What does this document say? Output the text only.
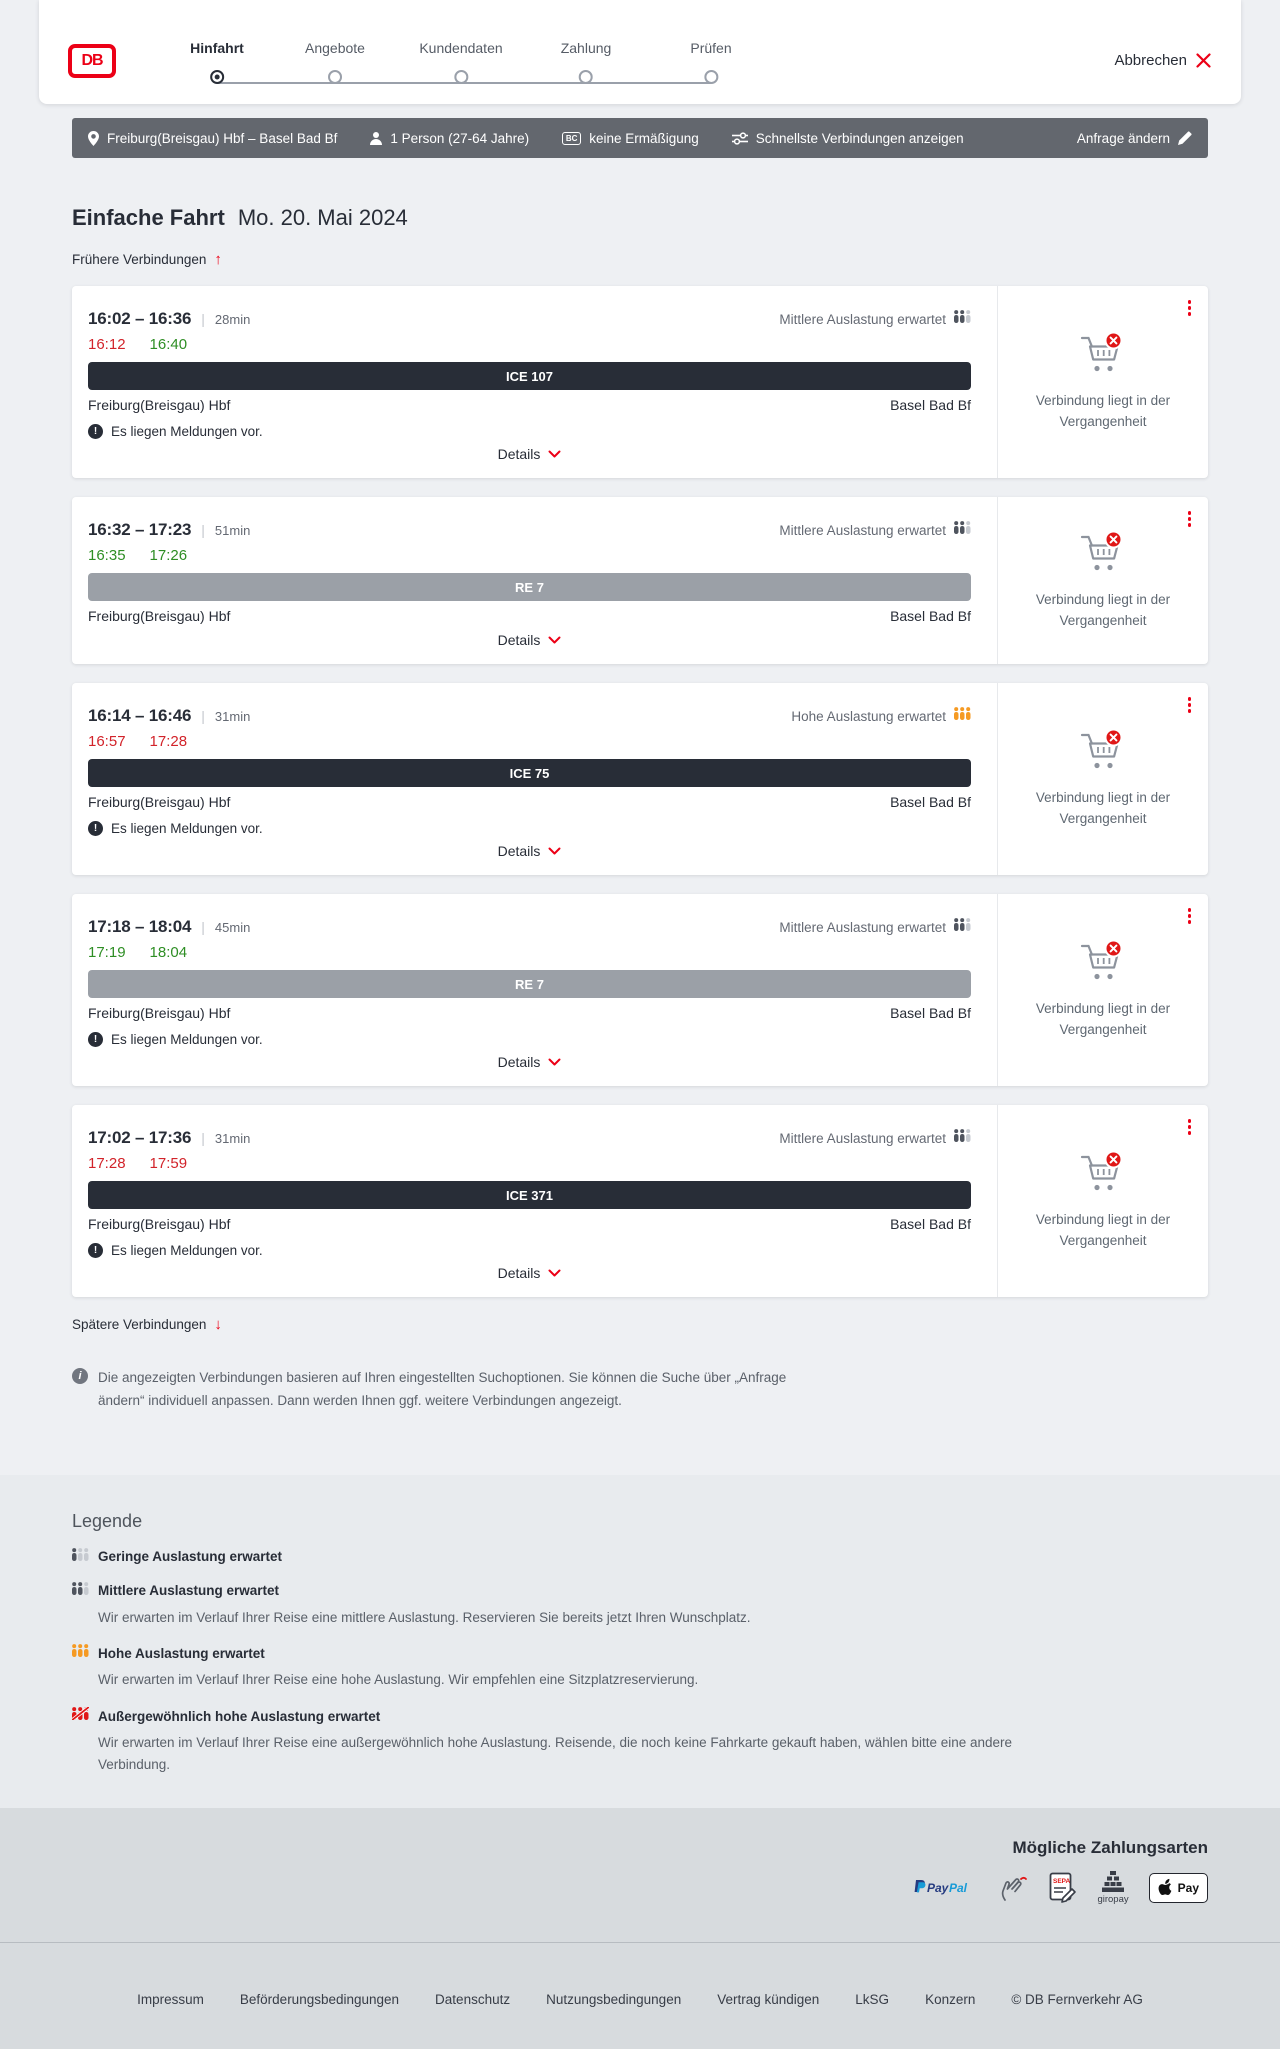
DB
Hinfahrt	Angebote	Kundendaten	Zahlung	Prüfen
Abbrechen
Freiburg(Breisgau) Hbf – Basel Bad Bf	1 Person (27-64 Jahre)	BC keine Ermäßigung	Schnellste Verbindungen anzeigen	Anfrage ändern
Einfache Fahrt Mo. 20. Mai 2024
Frühere Verbindungen ↑
16:02 – 16:36 | 28min	Mittlere Auslastung erwartet
16:12 16:40
ICE 107
Freiburg(Breisgau) Hbf	Basel Bad Bf
!	Es liegen Meldungen vor.
Details

Verbindung liegt in der Vergangenheit

16:32 – 17:23 | 51min	Mittlere Auslastung erwartet
16:35 17:26
RE 7
Freiburg(Breisgau) Hbf	Basel Bad Bf
Details

Verbindung liegt in der Vergangenheit

16:14 – 16:46 | 31min	Hohe Auslastung erwartet
16:57 17:28
ICE 75
Freiburg(Breisgau) Hbf	Basel Bad Bf
!	Es liegen Meldungen vor.
Details

Verbindung liegt in der Vergangenheit

17:18 – 18:04 | 45min	Mittlere Auslastung erwartet
17:19 18:04
RE 7
Freiburg(Breisgau) Hbf	Basel Bad Bf
!	Es liegen Meldungen vor.
Details

Verbindung liegt in der Vergangenheit

17:02 – 17:36 | 31min	Mittlere Auslastung erwartet
17:28 17:59
ICE 371
Freiburg(Breisgau) Hbf	Basel Bad Bf
!	Es liegen Meldungen vor.
Details

Verbindung liegt in der Vergangenheit

Spätere Verbindungen ↓
i	Die angezeigten Verbindungen basieren auf Ihren eingestellten Suchoptionen. Sie können die Suche über „Anfrage ändern“ individuell anpassen. Dann werden Ihnen ggf. weitere Verbindungen angezeigt.

Legende
Geringe Auslastung erwartet
Mittlere Auslastung erwartet

Wir erwarten im Verlauf Ihrer Reise eine mittlere Auslastung. Reservieren Sie bereits jetzt Ihren Wunschplatz.

Hohe Auslastung erwartet

Wir erwarten im Verlauf Ihrer Reise eine hohe Auslastung. Wir empfehlen eine Sitzplatzreservierung.

Außergewöhnlich hohe Auslastung erwartet

Wir erwarten im Verlauf Ihrer Reise eine außergewöhnlich hohe Auslastung. Reisende, die noch keine Fahrkarte gekauft haben, wählen bitte eine andere Verbindung.

Mögliche Zahlungsarten
Pay Pal	SEPA
giropay
Pay
Impressum	Beförderungsbedingungen	Datenschutz	Nutzungsbedingungen	Vertrag kündigen	LkSG	Konzern	© DB Fernverkehr AG
